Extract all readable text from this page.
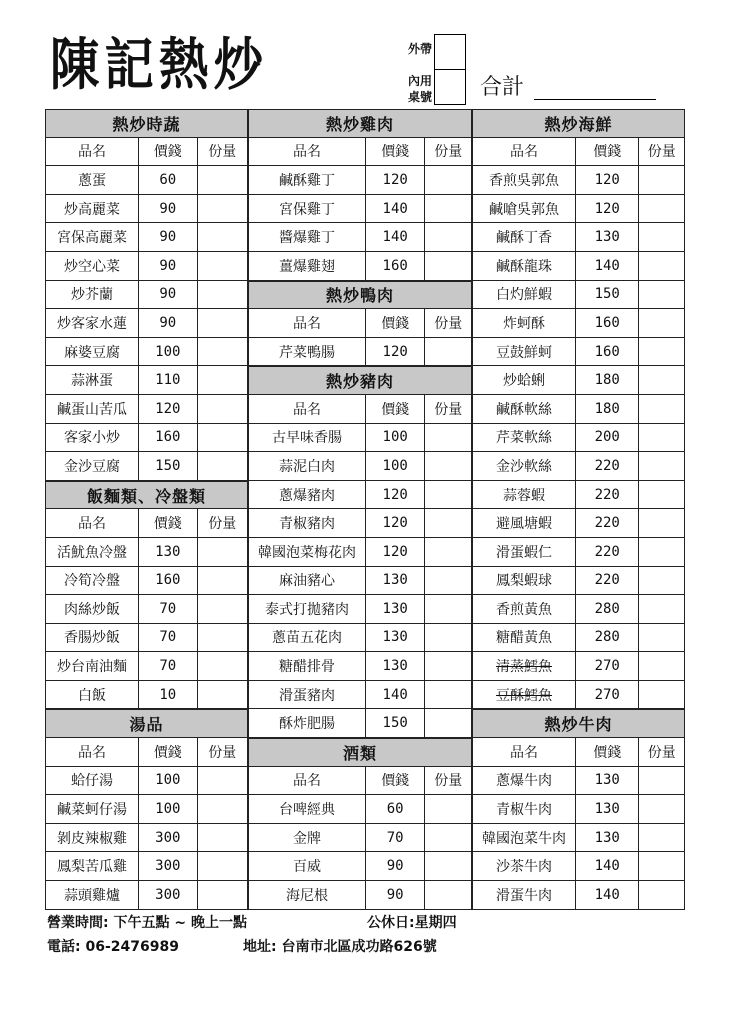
陳記熱炒	外帶
內用
桌號 合計
熱炒時蔬
品名	價錢	份量
蔥蛋	60
炒高麗菜	90
宮保高麗菜	90
炒空心菜	90
炒芥蘭	90
炒客家水蓮	90
麻婆豆腐	100
蒜淋蛋	110
鹹蛋山苦瓜	120
客家小炒	160
金沙豆腐	150
飯麵類、冷盤類
品名	價錢	份量
活魷魚冷盤	130
冷筍冷盤	160
肉絲炒飯	70
香腸炒飯	70
炒台南油麵	70
白飯	10
湯品
品名	價錢	份量
蛤仔湯	100
鹹菜蚵仔湯	100
剝皮辣椒雞	300
鳳梨苦瓜雞	300
蒜頭雞爐	300
熱炒雞肉
品名	價錢	份量
鹹酥雞丁	120
宮保雞丁	140
醬爆雞丁	140
薑爆雞翅	160
熱炒鴨肉
品名	價錢	份量
芹菜鴨腸	120
熱炒豬肉
品名	價錢	份量
古早味香腸	100
蒜泥白肉	100
蔥爆豬肉	120
青椒豬肉	120
韓國泡菜梅花肉	120
麻油豬心	130
泰式打拋豬肉	130
蔥苗五花肉	130
糖醋排骨	130
滑蛋豬肉	140
酥炸肥腸	150
酒類
品名	價錢	份量
台啤經典	60
金牌	70
百威	90
海尼根	90
熱炒海鮮
品名	價錢	份量
香煎吳郭魚	120
鹹嗆吳郭魚	120
鹹酥丁香	130
鹹酥龍珠	140
白灼鮮蝦	150
炸蚵酥	160
豆鼓鮮蚵	160
炒蛤蜊	180
鹹酥軟絲	180
芹菜軟絲	200
金沙軟絲	220
蒜蓉蝦	220
避風塘蝦	220
滑蛋蝦仁	220
鳳梨蝦球	220
香煎黃魚	280
糖醋黃魚	280
清蒸鱈魚	270
豆酥鱈魚	270
熱炒牛肉
品名	價錢	份量
蔥爆牛肉	130
青椒牛肉	130
韓國泡菜牛肉	130
沙茶牛肉	140
滑蛋牛肉	140
營業時間: 下午五點 ~ 晚上一點	公休日:星期四
電話: 06-2476989	地址: 台南市北區成功路626號
